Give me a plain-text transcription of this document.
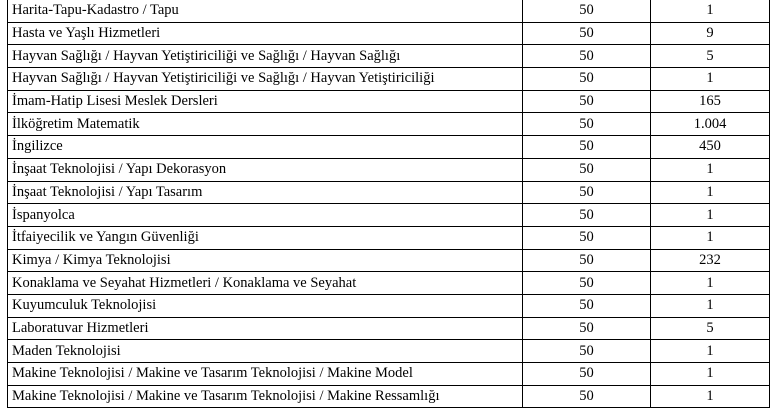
Harita-Tapu-Kadastro / Tapu	50	1
Hasta ve Yaşlı Hizmetleri	50	9
Hayvan Sağlığı / Hayvan Yetiştiriciliği ve Sağlığı / Hayvan Sağlığı	50	5
Hayvan Sağlığı / Hayvan Yetiştiriciliği ve Sağlığı / Hayvan Yetiştiriciliği	50	1
İmam-Hatip Lisesi Meslek Dersleri	50	165
İlköğretim Matematik	50	1.004
İngilizce	50	450
İnşaat Teknolojisi / Yapı Dekorasyon	50	1
İnşaat Teknolojisi / Yapı Tasarım	50	1
İspanyolca	50	1
İtfaiyecilik ve Yangın Güvenliği	50	1
Kimya / Kimya Teknolojisi	50	232
Konaklama ve Seyahat Hizmetleri / Konaklama ve Seyahat	50	1
Kuyumculuk Teknolojisi	50	1
Laboratuvar Hizmetleri	50	5
Maden Teknolojisi	50	1
Makine Teknolojisi / Makine ve Tasarım Teknolojisi / Makine Model	50	1
Makine Teknolojisi / Makine ve Tasarım Teknolojisi / Makine Ressamlığı	50	1
